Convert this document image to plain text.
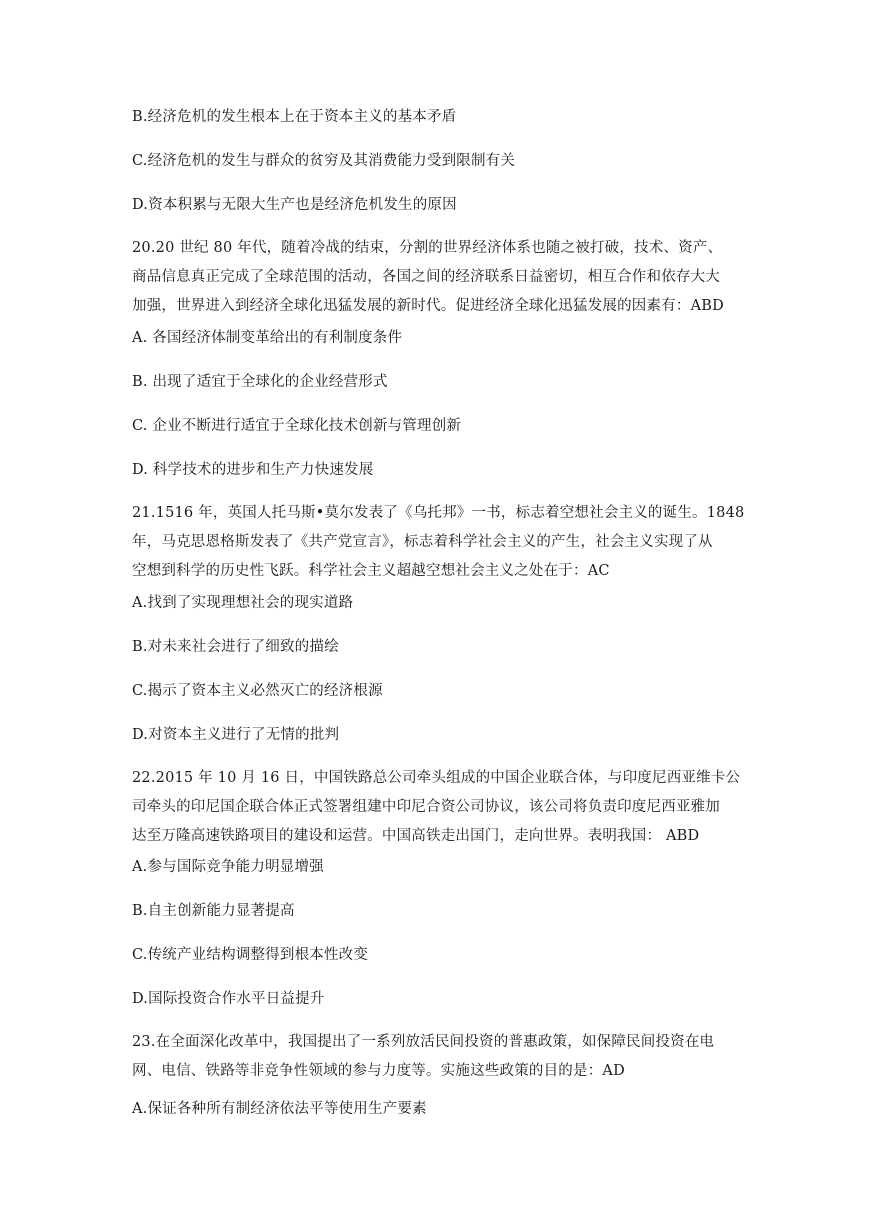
B.经济危机的发生根本上在于资本主义的基本矛盾
C.经济危机的发生与群众的贫穷及其消费能力受到限制有关
D.资本积累与无限大生产也是经济危机发生的原因
20.20 世纪 80 年代，随着冷战的结束，分割的世界经济体系也随之被打破，技术、资产、
商品信息真正完成了全球范围的活动，各国之间的经济联系日益密切，相互合作和依存大大
加强，世界进入到经济全球化迅猛发展的新时代。促进经济全球化迅猛发展的因素有：ABD
A. 各国经济体制变革给出的有利制度条件
B. 出现了适宜于全球化的企业经营形式
C. 企业不断进行适宜于全球化技术创新与管理创新
D. 科学技术的进步和生产力快速发展
21.1516 年，英国人托马斯•莫尔发表了《乌托邦》一书，标志着空想社会主义的诞生。1848
年，马克思恩格斯发表了《共产党宣言》，标志着科学社会主义的产生，社会主义实现了从
空想到科学的历史性飞跃。科学社会主义超越空想社会主义之处在于：AC
A.找到了实现理想社会的现实道路
B.对未来社会进行了细致的描绘
C.揭示了资本主义必然灭亡的经济根源
D.对资本主义进行了无情的批判
22.2015 年 10 月 16 日，中国铁路总公司牵头组成的中国企业联合体，与印度尼西亚维卡公
司牵头的印尼国企联合体正式签署组建中印尼合资公司协议，该公司将负责印度尼西亚雅加
达至万隆高速铁路项目的建设和运营。中国高铁走出国门，走向世界。表明我国： ABD
A.参与国际竞争能力明显增强
B.自主创新能力显著提高
C.传统产业结构调整得到根本性改变
D.国际投资合作水平日益提升
23.在全面深化改革中，我国提出了一系列放活民间投资的普惠政策，如保障民间投资在电
网、电信、铁路等非竞争性领域的参与力度等。实施这些政策的目的是：AD
A.保证各种所有制经济依法平等使用生产要素
